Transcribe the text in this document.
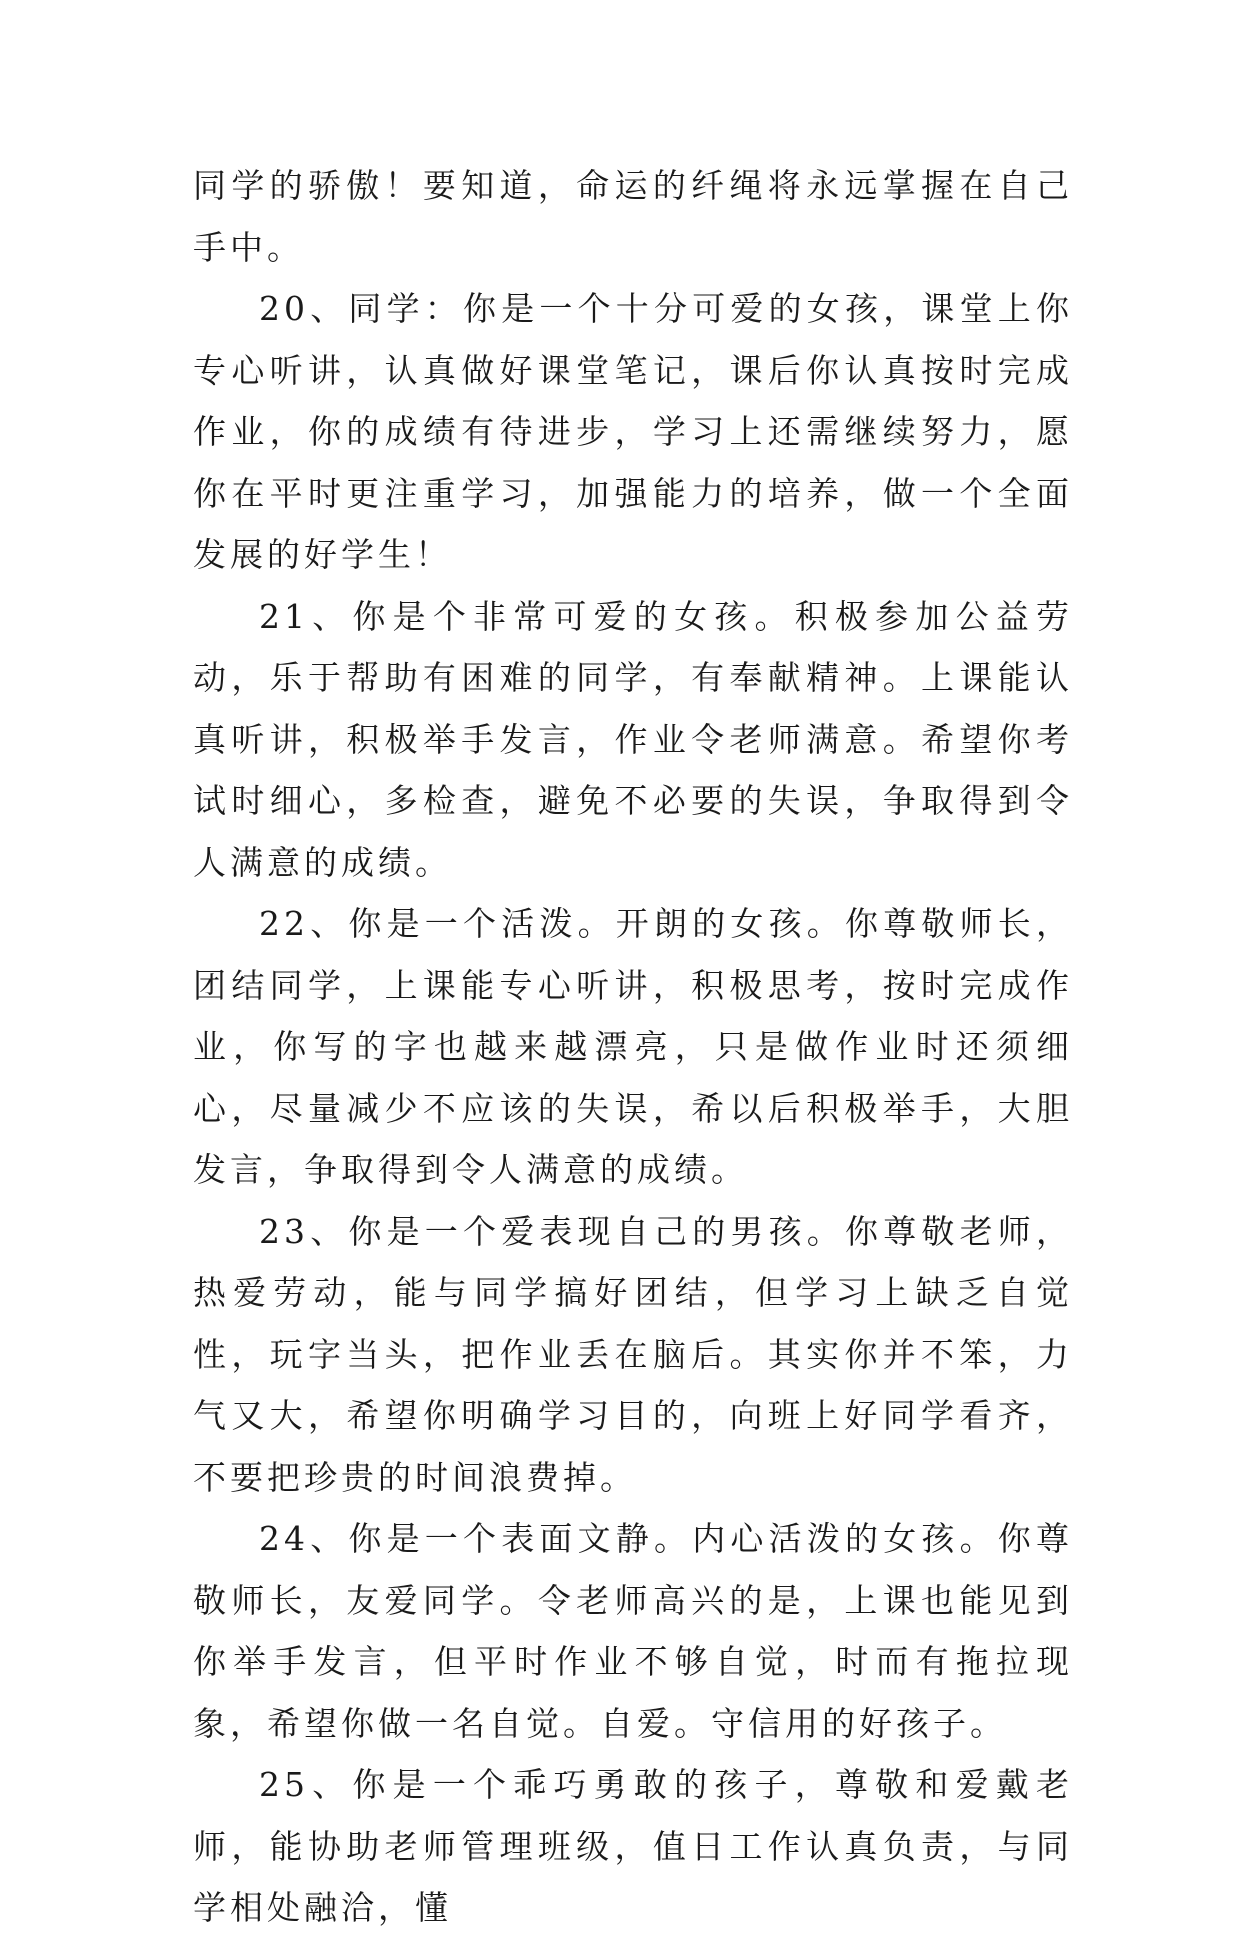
同学的骄傲！要知道，命运的纤绳将永远掌握在自己手中。

20、同学：你是一个十分可爱的女孩，课堂上你专心听讲，认真做好课堂笔记，课后你认真按时完成作业，你的成绩有待进步，学习上还需继续努力，愿你在平时更注重学习，加强能力的培养，做一个全面发展的好学生！

21、你是个非常可爱的女孩。积极参加公益劳动，乐于帮助有困难的同学，有奉献精神。上课能认真听讲，积极举手发言，作业令老师满意。希望你考试时细心，多检查，避免不必要的失误，争取得到令人满意的成绩。

22、你是一个活泼。开朗的女孩。你尊敬师长，团结同学，上课能专心听讲，积极思考，按时完成作业，你写的字也越来越漂亮，只是做作业时还须细心，尽量减少不应该的失误，希以后积极举手，大胆发言，争取得到令人满意的成绩。

23、你是一个爱表现自己的男孩。你尊敬老师，热爱劳动，能与同学搞好团结，但学习上缺乏自觉性，玩字当头，把作业丢在脑后。其实你并不笨，力气又大，希望你明确学习目的，向班上好同学看齐，不要把珍贵的时间浪费掉。

24、你是一个表面文静。内心活泼的女孩。你尊敬师长，友爱同学。令老师高兴的是，上课也能见到你举手发言，但平时作业不够自觉，时而有拖拉现象，希望你做一名自觉。自爱。守信用的好孩子。

25、你是一个乖巧勇敢的孩子，尊敬和爱戴老师，能协助老师管理班级，值日工作认真负责，与同学相处融洽，懂
